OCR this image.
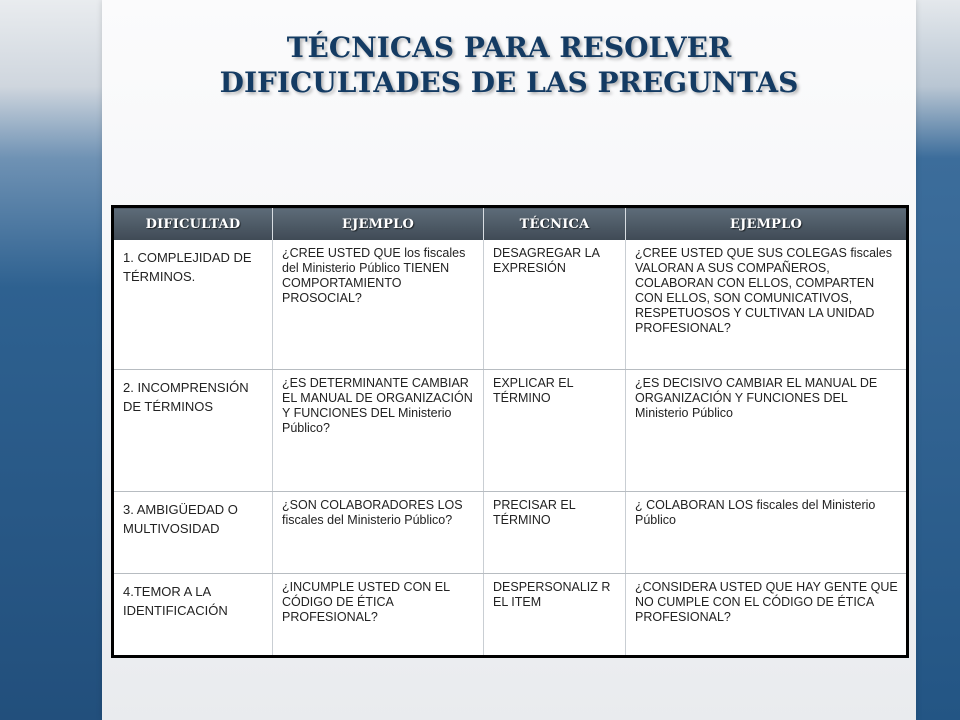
TÉCNICAS PARA RESOLVER
DIFICULTADES DE LAS PREGUNTAS
DIFICULTAD	EJEMPLO	TÉCNICA	EJEMPLO
1. COMPLEJIDAD DE TÉRMINOS.	¿CREE USTED QUE los fiscales del Ministerio Público TIENEN COMPORTAMIENTO PROSOCIAL?	DESAGREGAR LA EXPRESIÓN	¿CREE USTED QUE SUS COLEGAS fiscales VALORAN A SUS COMPAÑEROS, COLABORAN CON ELLOS, COMPARTEN CON ELLOS, SON COMUNICATIVOS, RESPETUOSOS Y CULTIVAN LA UNIDAD PROFESIONAL?
2. INCOMPRENSIÓN DE TÉRMINOS	¿ES DETERMINANTE CAMBIAR EL MANUAL DE ORGANIZACIÓN Y FUNCIONES DEL Ministerio Público?	EXPLICAR EL TÉRMINO	¿ES DECISIVO CAMBIAR EL MANUAL DE ORGANIZACIÓN Y FUNCIONES DEL Ministerio Público
3. AMBIGÜEDAD O MULTIVOSIDAD	¿SON COLABORADORES LOS fiscales del Ministerio Público?	PRECISAR EL TÉRMINO	¿ COLABORAN LOS fiscales del Ministerio Público
4.TEMOR A LA IDENTIFICACIÓN	¿INCUMPLE USTED CON EL CÓDIGO DE ÉTICA PROFESIONAL?	DESPERSONALIZ R EL ITEM	¿CONSIDERA USTED QUE HAY GENTE QUE NO CUMPLE CON EL CÓDIGO DE ÉTICA PROFESIONAL?
